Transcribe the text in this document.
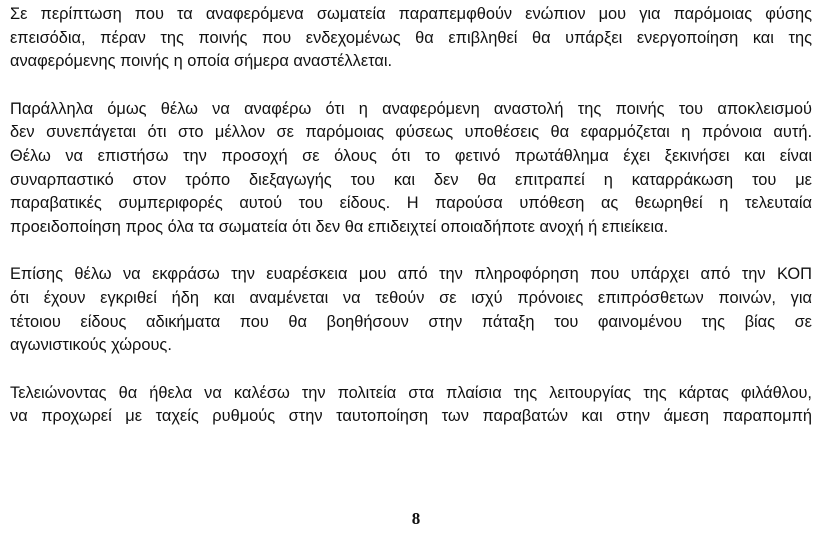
Σε περίπτωση που τα αναφερόμενα σωματεία παραπεμφθούν ενώπιον μου για παρόμοιας φύσης
επεισόδια, πέραν της ποινής που ενδεχομένως θα επιβληθεί θα υπάρξει ενεργοποίηση και της
αναφερόμενης ποινής η οποία σήμερα αναστέλλεται.
Παράλληλα όμως θέλω να αναφέρω ότι η αναφερόμενη αναστολή της ποινής του αποκλεισμού
δεν συνεπάγεται ότι στο μέλλον σε παρόμοιας φύσεως υποθέσεις θα εφαρμόζεται η πρόνοια αυτή.
Θέλω να επιστήσω την προσοχή σε όλους ότι το φετινό πρωτάθλημα έχει ξεκινήσει και είναι
συναρπαστικό στον τρόπο διεξαγωγής του και δεν θα επιτραπεί η καταρράκωση του με
παραβατικές συμπεριφορές αυτού του είδους. Η παρούσα υπόθεση ας θεωρηθεί η τελευταία
προειδοποίηση προς όλα τα σωματεία ότι δεν θα επιδειχτεί οποιαδήποτε ανοχή ή επιείκεια.
Επίσης θέλω να εκφράσω την ευαρέσκεια μου από την πληροφόρηση που υπάρχει από την ΚΟΠ
ότι έχουν εγκριθεί ήδη και αναμένεται να τεθούν σε ισχύ πρόνοιες επιπρόσθετων ποινών, για
τέτοιου είδους αδικήματα που θα βοηθήσουν στην πάταξη του φαινομένου της βίας σε
αγωνιστικούς χώρους.
Τελειώνοντας θα ήθελα να καλέσω την πολιτεία στα πλαίσια της λειτουργίας της κάρτας φιλάθλου,
να προχωρεί με ταχείς ρυθμούς στην ταυτοποίηση των παραβατών και στην άμεση παραπομπή
8
